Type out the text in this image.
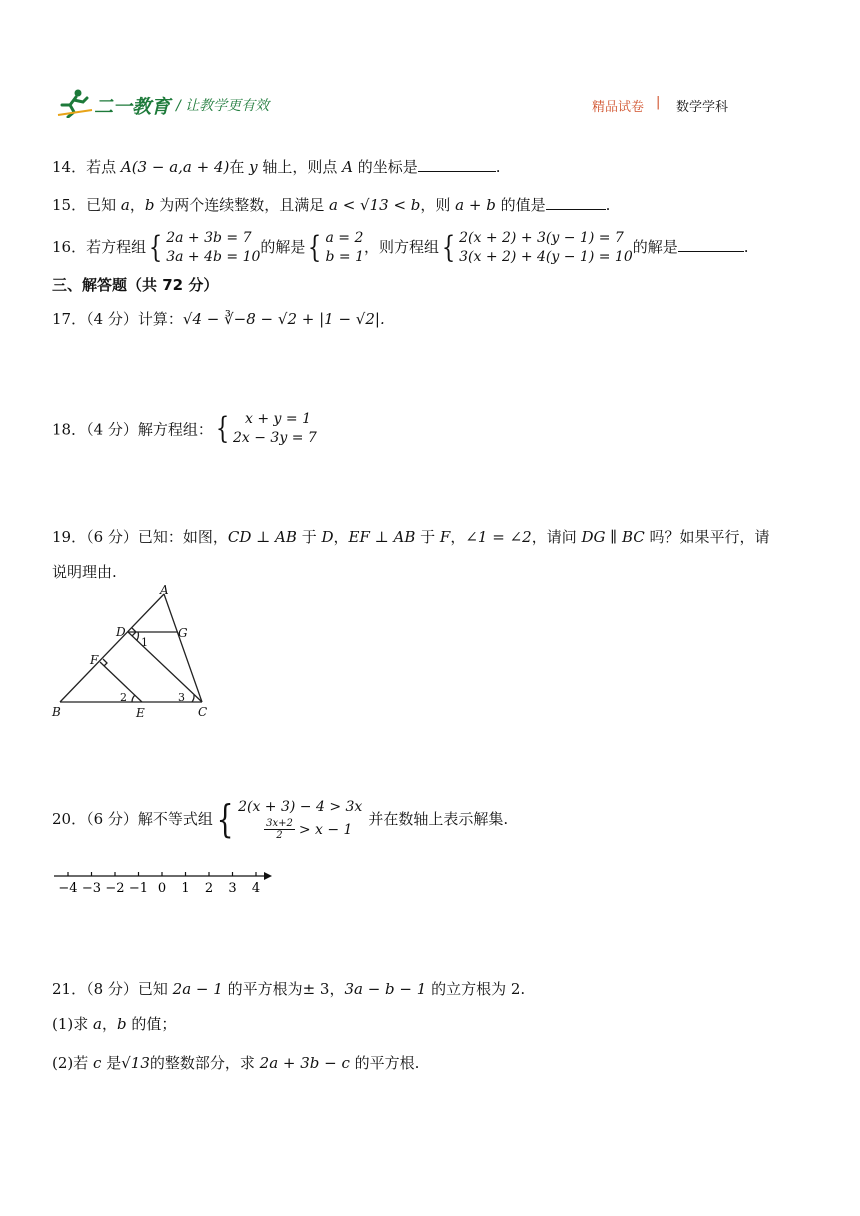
二一教育 / 让教学更有效	精品试卷 | 数学学科
14．若点 A(3 − a,a + 4)在 y 轴上，则点 A 的坐标是	.
15．已知 a，b 为两个连续整数，且满足 a < √13 < b，则 a + b 的值是	.
16．若方程组 { 2a + 3b = 7
3a + 4b = 10
的解是 { a = 2
b = 1
，则方程组 { 2(x + 2) + 3(y − 1) = 7
3(x + 2) + 4(y − 1) = 10
的解是	.
三、解答题（共 72 分）
17．（4 分）计算：√4 − ∛−8 − √2 + |1 − √2|.
18．（4 分）解方程组： {	x + y = 1
2x − 3y = 7
19．（6 分）已知：如图，CD ⊥ AB 于 D，EF ⊥ AB 于 F，∠1 = ∠2，请问 DG ∥ BC 吗？如果平行，请
说明理由.
A
B	C
D
E
F
G
1
2	3
20．（6 分）解不等式组 { 2(x + 3) − 4 > 3x
$\frac{3x+2}{2} > x - 1$
并在数轴上表示解集.
−4 −3 −2 −1 0 1 2 3 4
21．（8 分）已知 2a − 1 的平方根为± 3，3a − b − 1 的立方根为 2.
(1)求 a，b 的值；
(2)若 c 是√13的整数部分，求 2a + 3b − c 的平方根.
